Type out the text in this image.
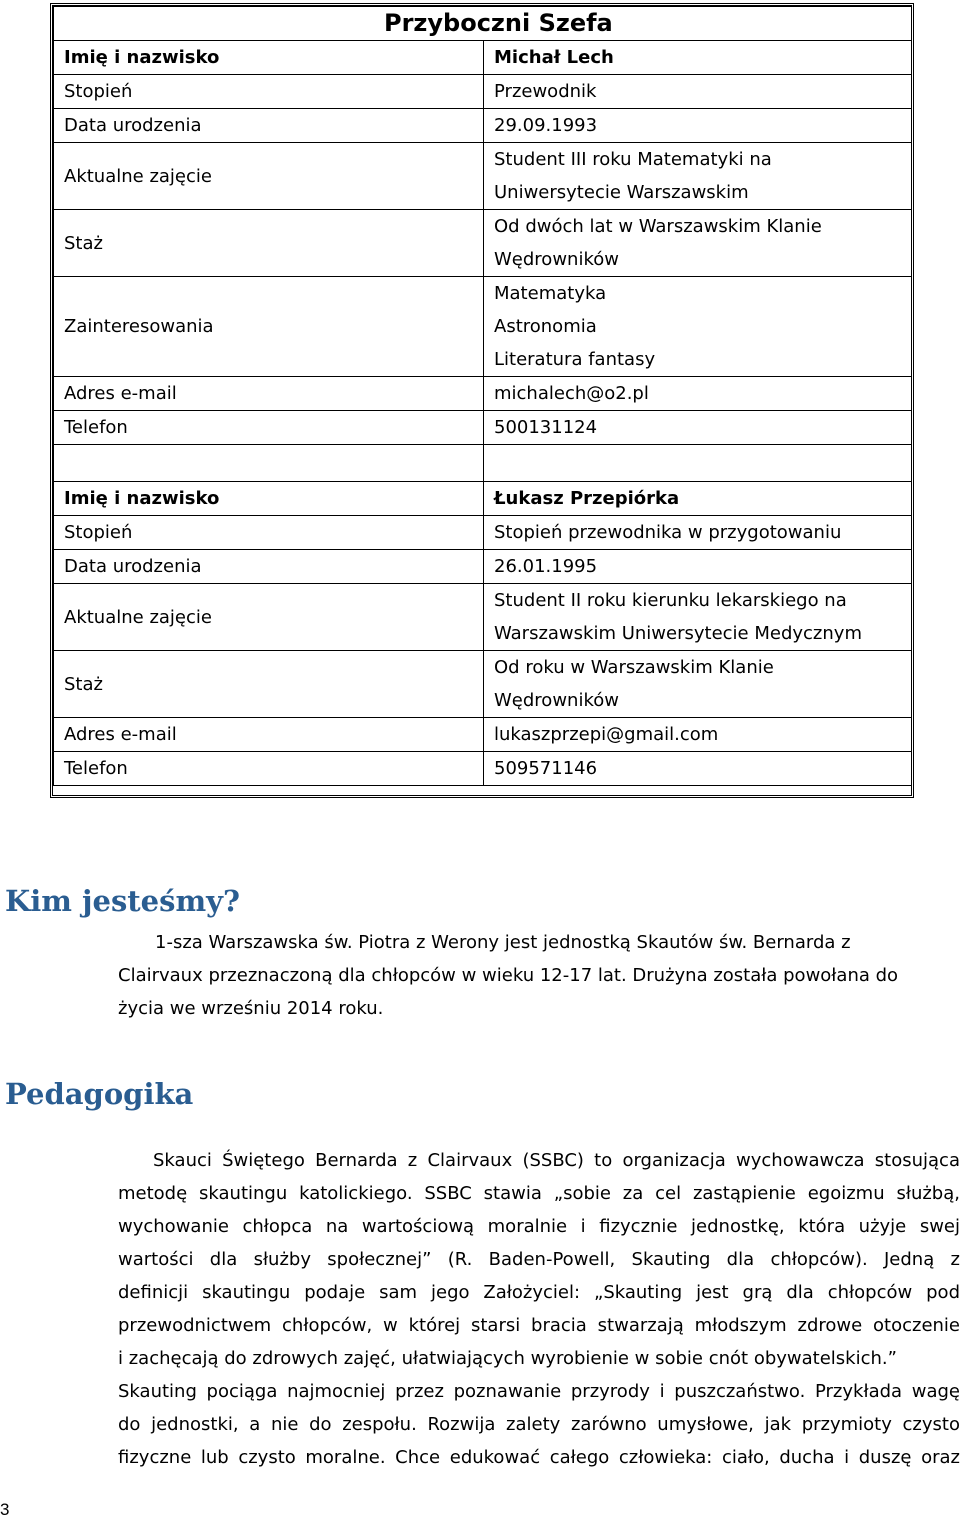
Przyboczni Szefa	
Imię i nazwisko	Michał Lech
Stopień	Przewodnik
Data urodzenia	29.09.1993
Aktualne zajęcie	Student III roku Matematyki na
Uniwersytecie Warszawskim

Staż	Od dwóch lat w Warszawskim Klanie
Wędrowników

Zainteresowania	Matematyka
Astronomia
Literatura fantasy

Adres e-mail	michalech@o2.pl
Telefon	500131124

Imię i nazwisko	Łukasz Przepiórka
Stopień	Stopień przewodnika w przygotowaniu
Data urodzenia	26.01.1995
Aktualne zajęcie	Student II roku kierunku lekarskiego na
Warszawskim Uniwersytecie Medycznym

Staż	Od roku w Warszawskim Klanie
Wędrowników

Adres e-mail	lukaszprzepi@gmail.com
Telefon	509571146
Kim jesteśmy?
1-sza Warszawska św. Piotra z Werony jest jednostką Skautów św. Bernarda z
Clairvaux przeznaczoną dla chłopców w wieku 12-17 lat. Drużyna została powołana do
życia we wrześniu 2014 roku.
Pedagogika
Skauci Świętego Bernarda z Clairvaux (SSBC) to organizacja wychowawcza stosująca
metodę skautingu katolickiego. SSBC stawia „sobie za cel zastąpienie egoizmu służbą,
wychowanie chłopca na wartościową moralnie i fizycznie jednostkę, która użyje swej
wartości dla służby społecznej” (R. Baden-Powell, Skauting dla chłopców). Jedną z
definicji skautingu podaje sam jego Założyciel: „Skauting jest grą dla chłopców pod
przewodnictwem chłopców, w której starsi bracia stwarzają młodszym zdrowe otoczenie
i zachęcają do zdrowych zajęć, ułatwiających wyrobienie w sobie cnót obywatelskich.”
Skauting pociąga najmocniej przez poznawanie przyrody i puszczaństwo. Przykłada wagę
do jednostki, a nie do zespołu. Rozwija zalety zarówno umysłowe, jak przymioty czysto
fizyczne lub czysto moralne. Chce edukować całego człowieka: ciało, ducha i duszę oraz
3
